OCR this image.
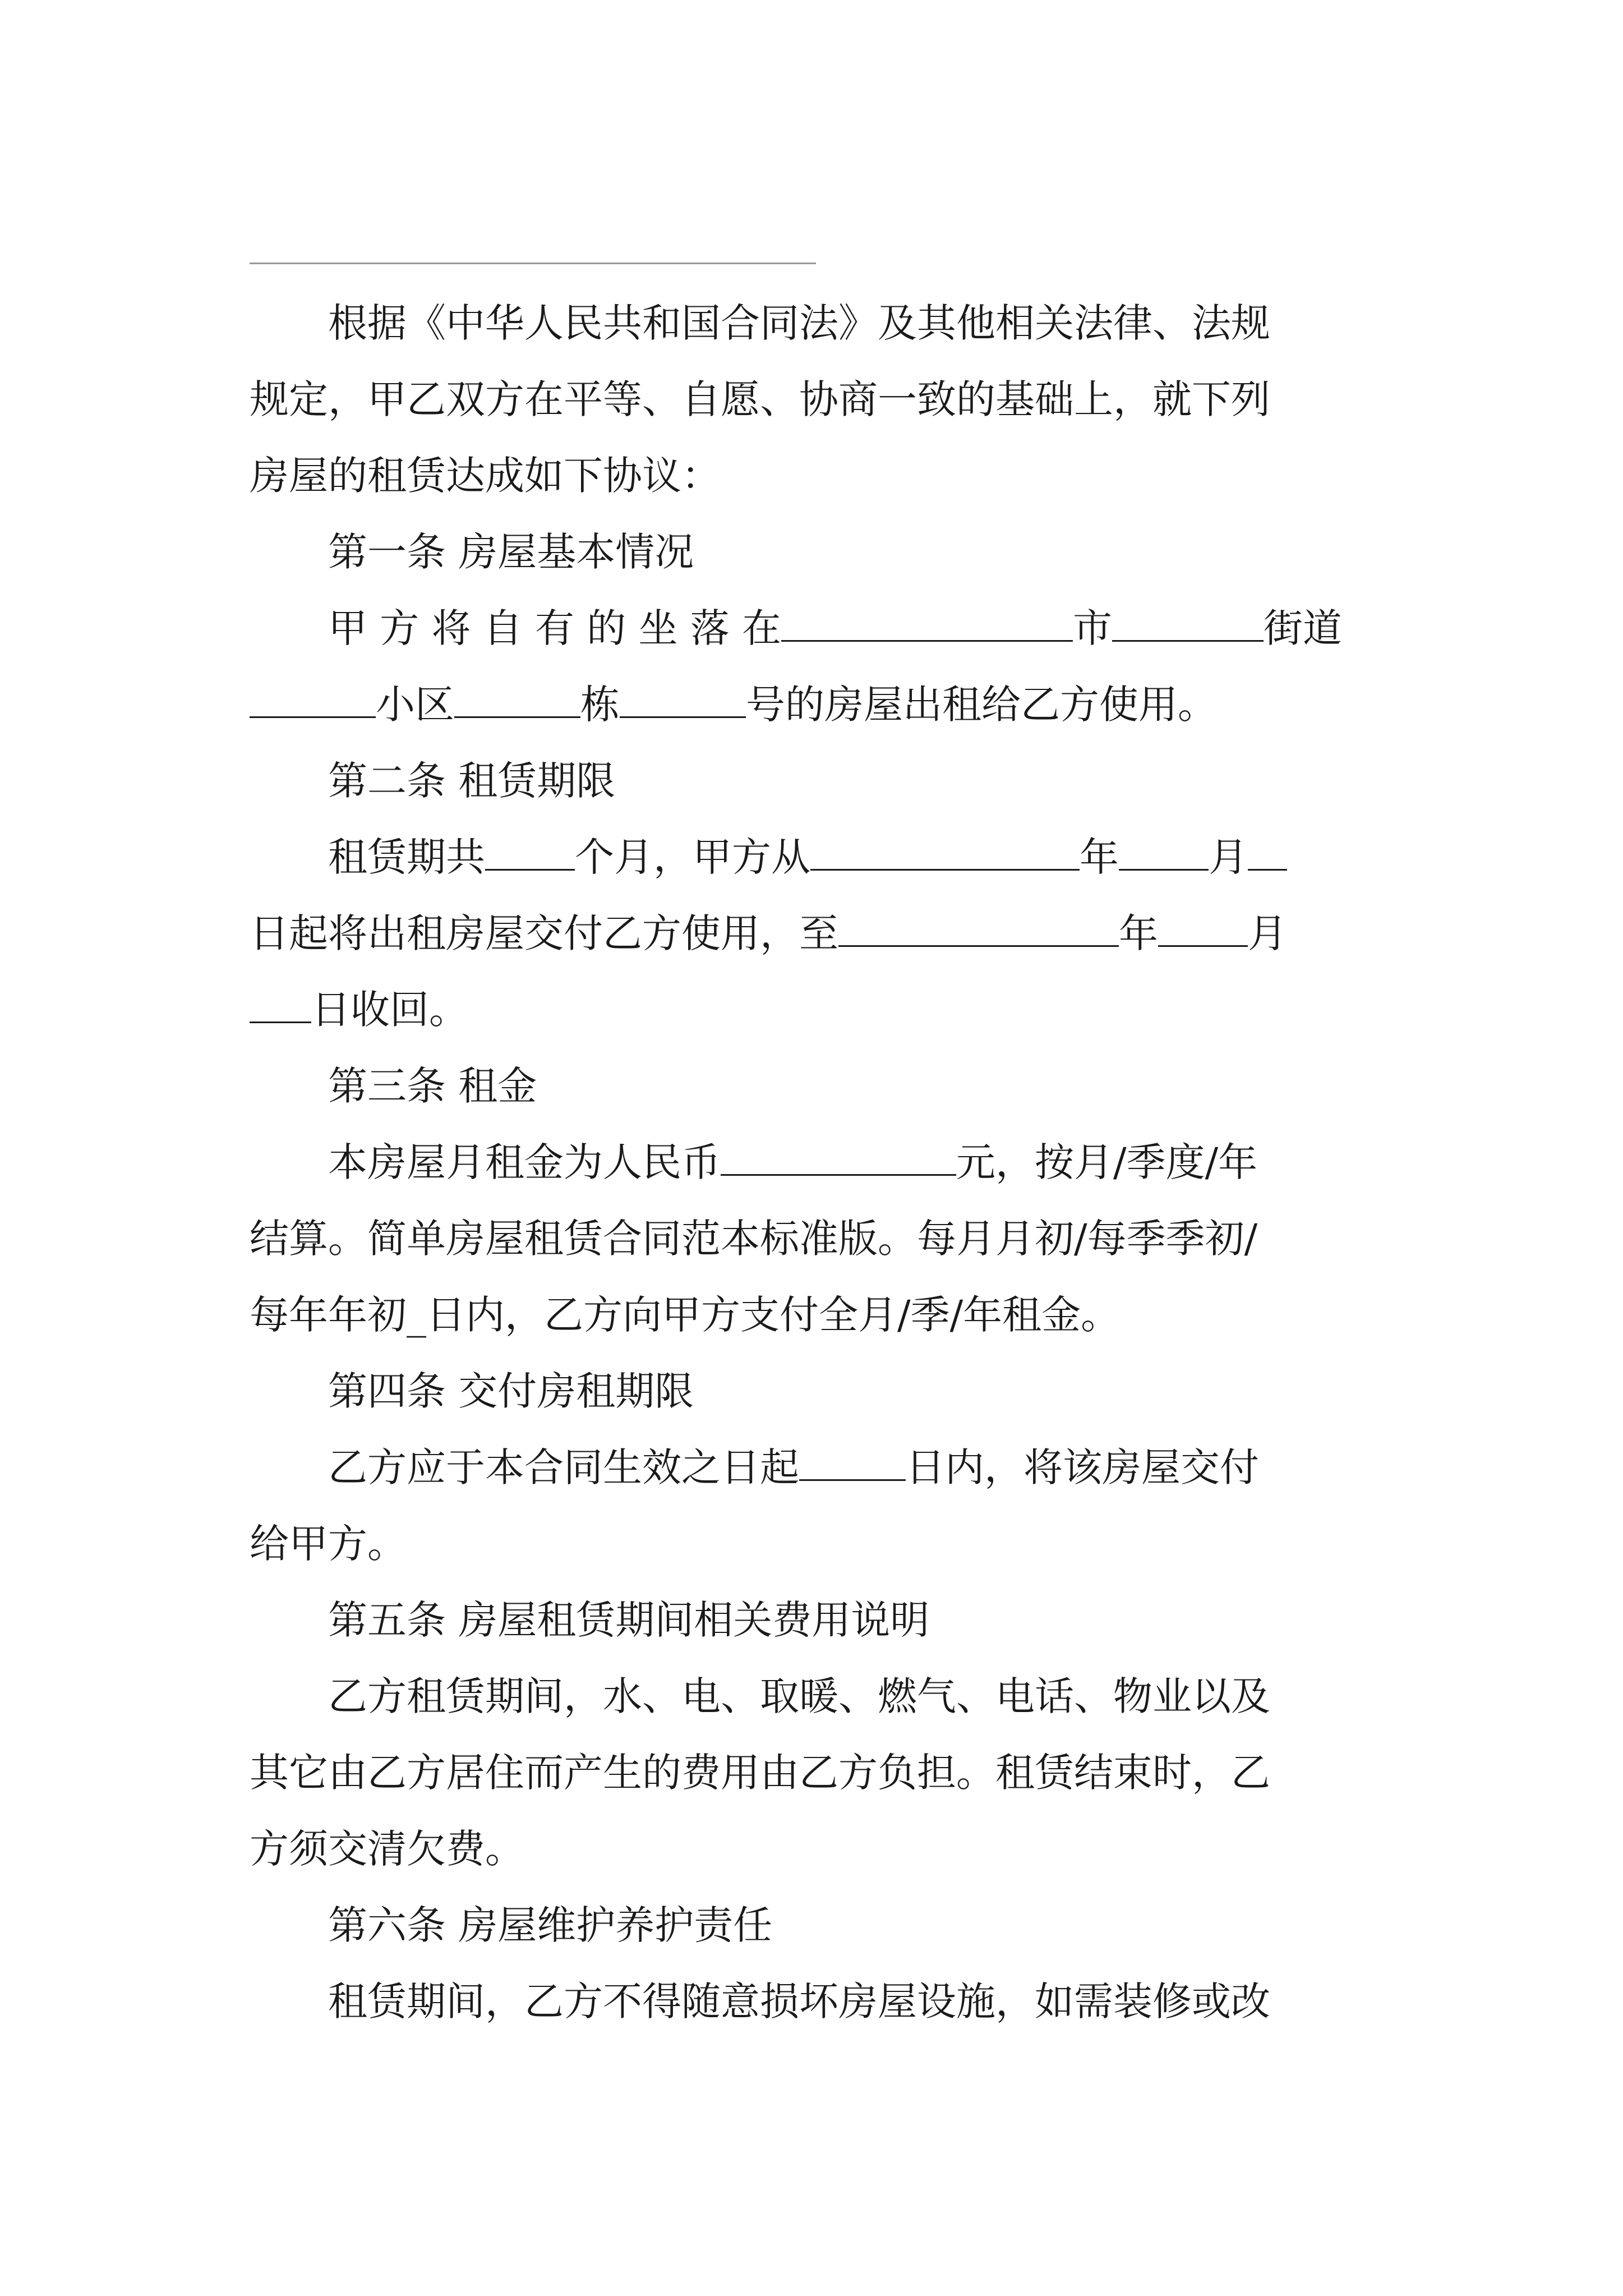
　　根据《中华人民共和国合同法》及其他相关法律、法规
规定，甲乙双方在平等、自愿、协商一致的基础上，就下列
房屋的租赁达成如下协议：
　　第一条 房屋基本情况
　　甲 方 将 自 有 的 坐 落 在	市	街道
小区	栋	号的房屋出租给乙方使用。
　　第二条 租赁期限
　　租赁期共 个月，甲方从	年 月
日起将出租房屋交付乙方使用，至	年 月
日收回。
　　第三条 租金
　　本房屋月租金为人民币	元，按月/季度/年
结算。简单房屋租赁合同范本标准版。每月月初/每季季初/
每年年初_日内，乙方向甲方支付全月/季/年租金。
　　第四条 交付房租期限
　　乙方应于本合同生效之日起	日内，将该房屋交付
给甲方。
　　第五条 房屋租赁期间相关费用说明
　　乙方租赁期间，水、电、取暖、燃气、电话、物业以及
其它由乙方居住而产生的费用由乙方负担。租赁结束时，乙
方须交清欠费。
　　第六条 房屋维护养护责任
　　租赁期间，乙方不得随意损坏房屋设施，如需装修或改
